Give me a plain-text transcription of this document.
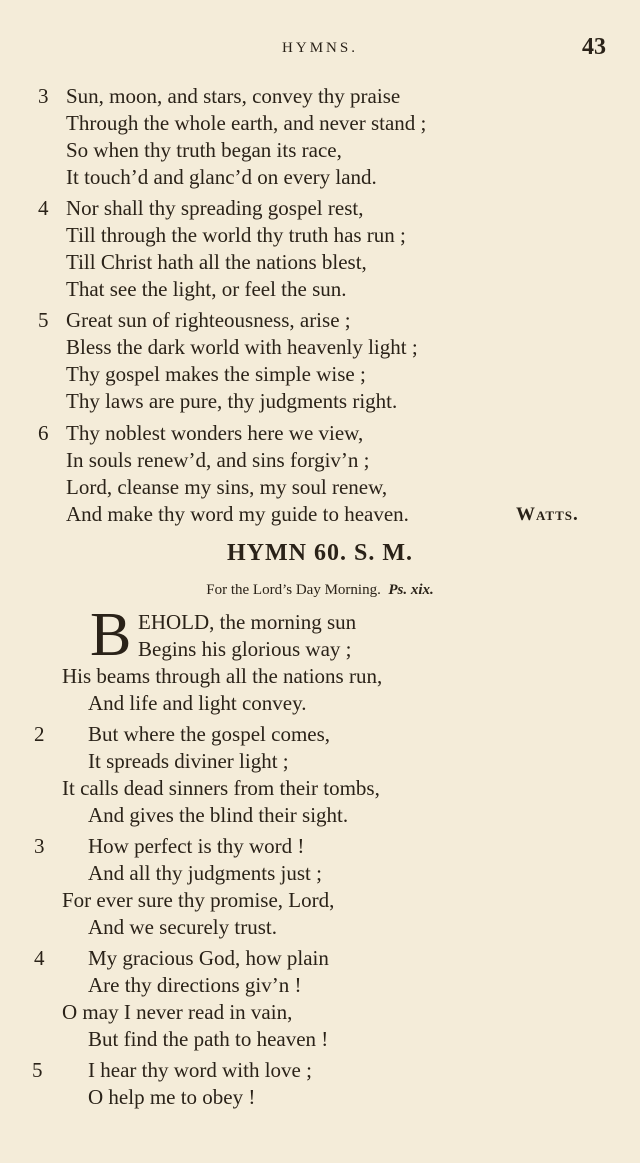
HYMNS.	43
3 Sun, moon, and stars, convey thy praise
Through the whole earth, and never stand ;
So when thy truth began its race,
It touch’d and glanc’d on every land.
4 Nor shall thy spreading gospel rest,
Till through the world thy truth has run ;
Till Christ hath all the nations blest,
That see the light, or feel the sun.
5 Great sun of righteousness, arise ;
Bless the dark world with heavenly light ;
Thy gospel makes the simple wise ;
Thy laws are pure, thy judgments right.
6 Thy noblest wonders here we view,
In souls renew’d, and sins forgiv’n ;
Lord, cleanse my sins, my soul renew,
And make thy word my guide to heaven.	Watts.
HYMN 60. S. M.
For the Lord’s Day Morning. Ps. xix.
B EHOLD, the morning sun
Begins his glorious way ;
His beams through all the nations run,
And life and light convey.
2 But where the gospel comes,
It spreads diviner light ;
It calls dead sinners from their tombs,
And gives the blind their sight.
3 How perfect is thy word !
And all thy judgments just ;
For ever sure thy promise, Lord,
And we securely trust.
4 My gracious God, how plain
Are thy directions giv’n !
O may I never read in vain,
But find the path to heaven !
5 I hear thy word with love ;
O help me to obey !
